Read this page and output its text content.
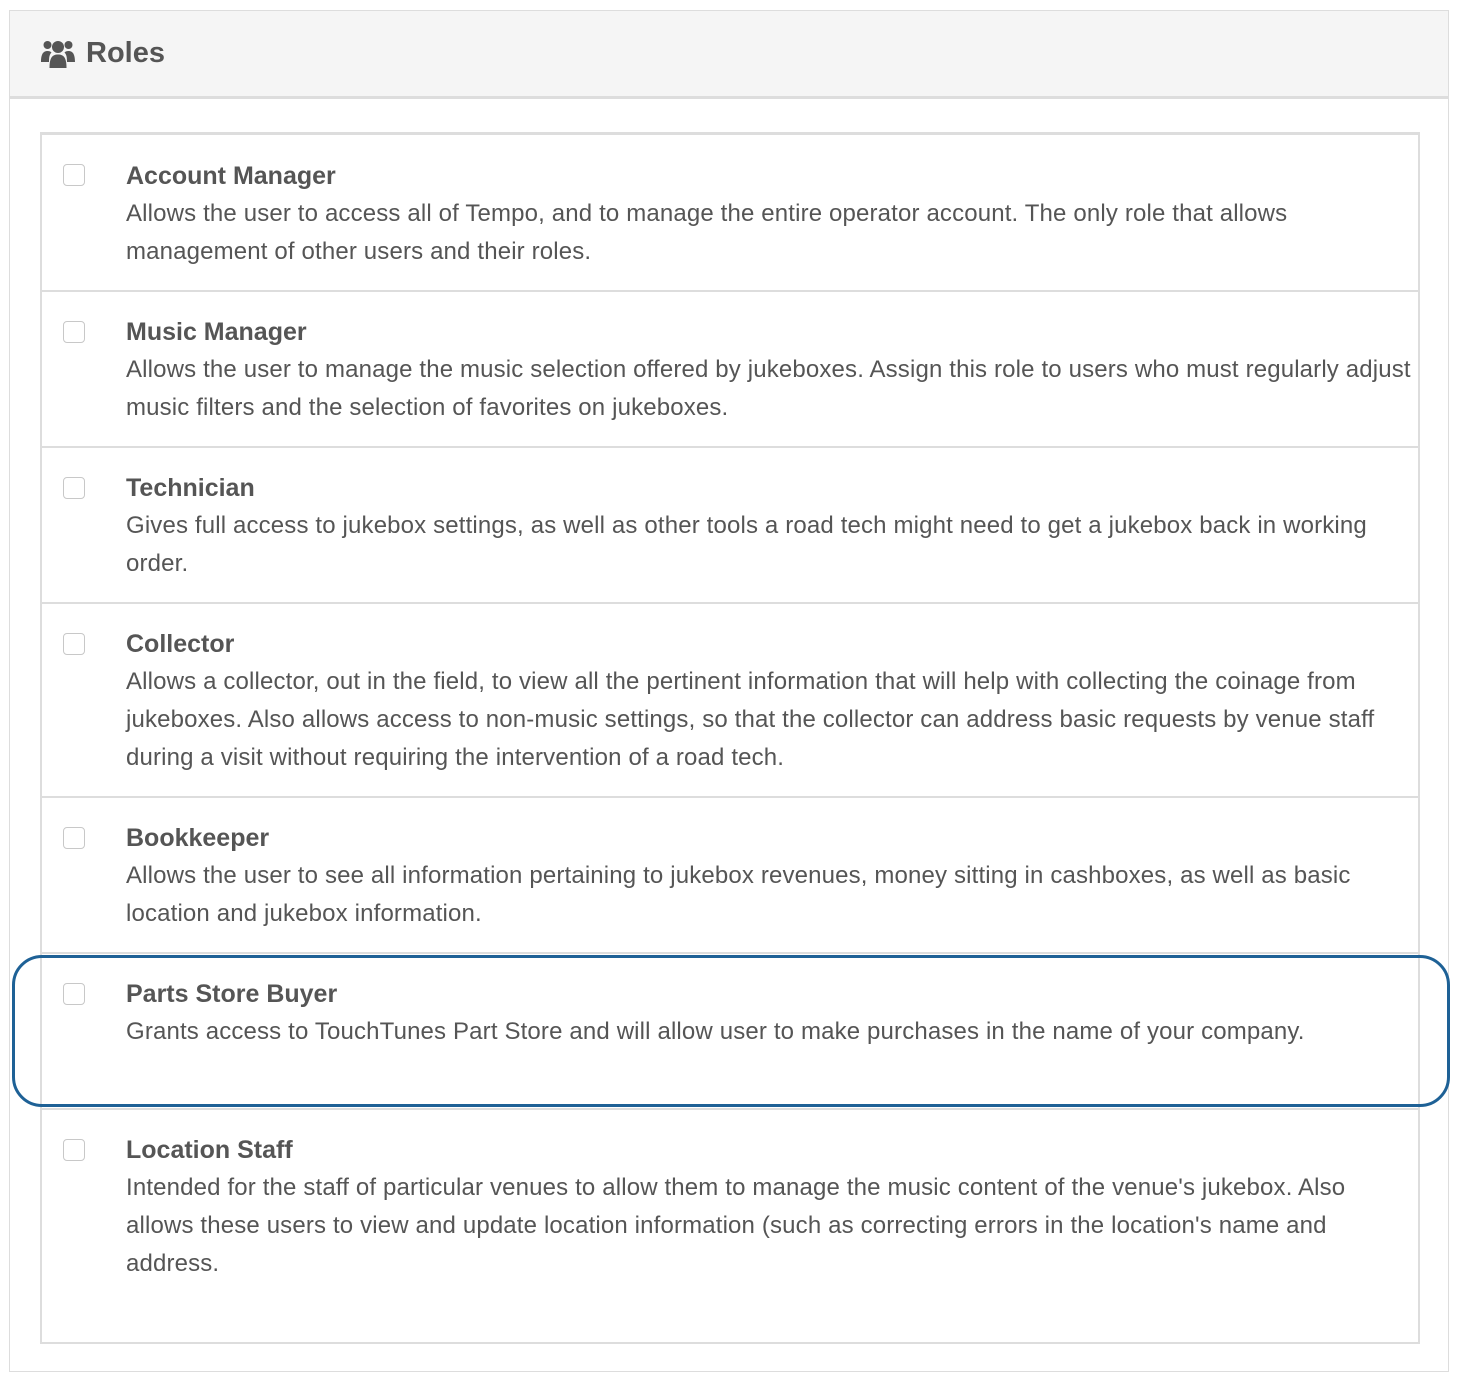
Roles
Account Manager
Allows the user to access all of Tempo, and to manage the entire operator account. The only role that allows management of other users and their roles.
Music Manager
Allows the user to manage the music selection offered by jukeboxes. Assign this role to users who must regularly adjust music filters and the selection of favorites on jukeboxes.
Technician
Gives full access to jukebox settings, as well as other tools a road tech might need to get a jukebox back in working order.
Collector
Allows a collector, out in the field, to view all the pertinent information that will help with collecting the coinage from jukeboxes. Also allows access to non-music settings, so that the collector can address basic requests by venue staff during a visit without requiring the intervention of a road tech.
Bookkeeper
Allows the user to see all information pertaining to jukebox revenues, money sitting in cashboxes, as well as basic location and jukebox information.
Parts Store Buyer
Grants access to TouchTunes Part Store and will allow user to make purchases in the name of your company.
Location Staff
Intended for the staff of particular venues to allow them to manage the music content of the venue's jukebox. Also allows these users to view and update location information (such as correcting errors in the location's name and address.
